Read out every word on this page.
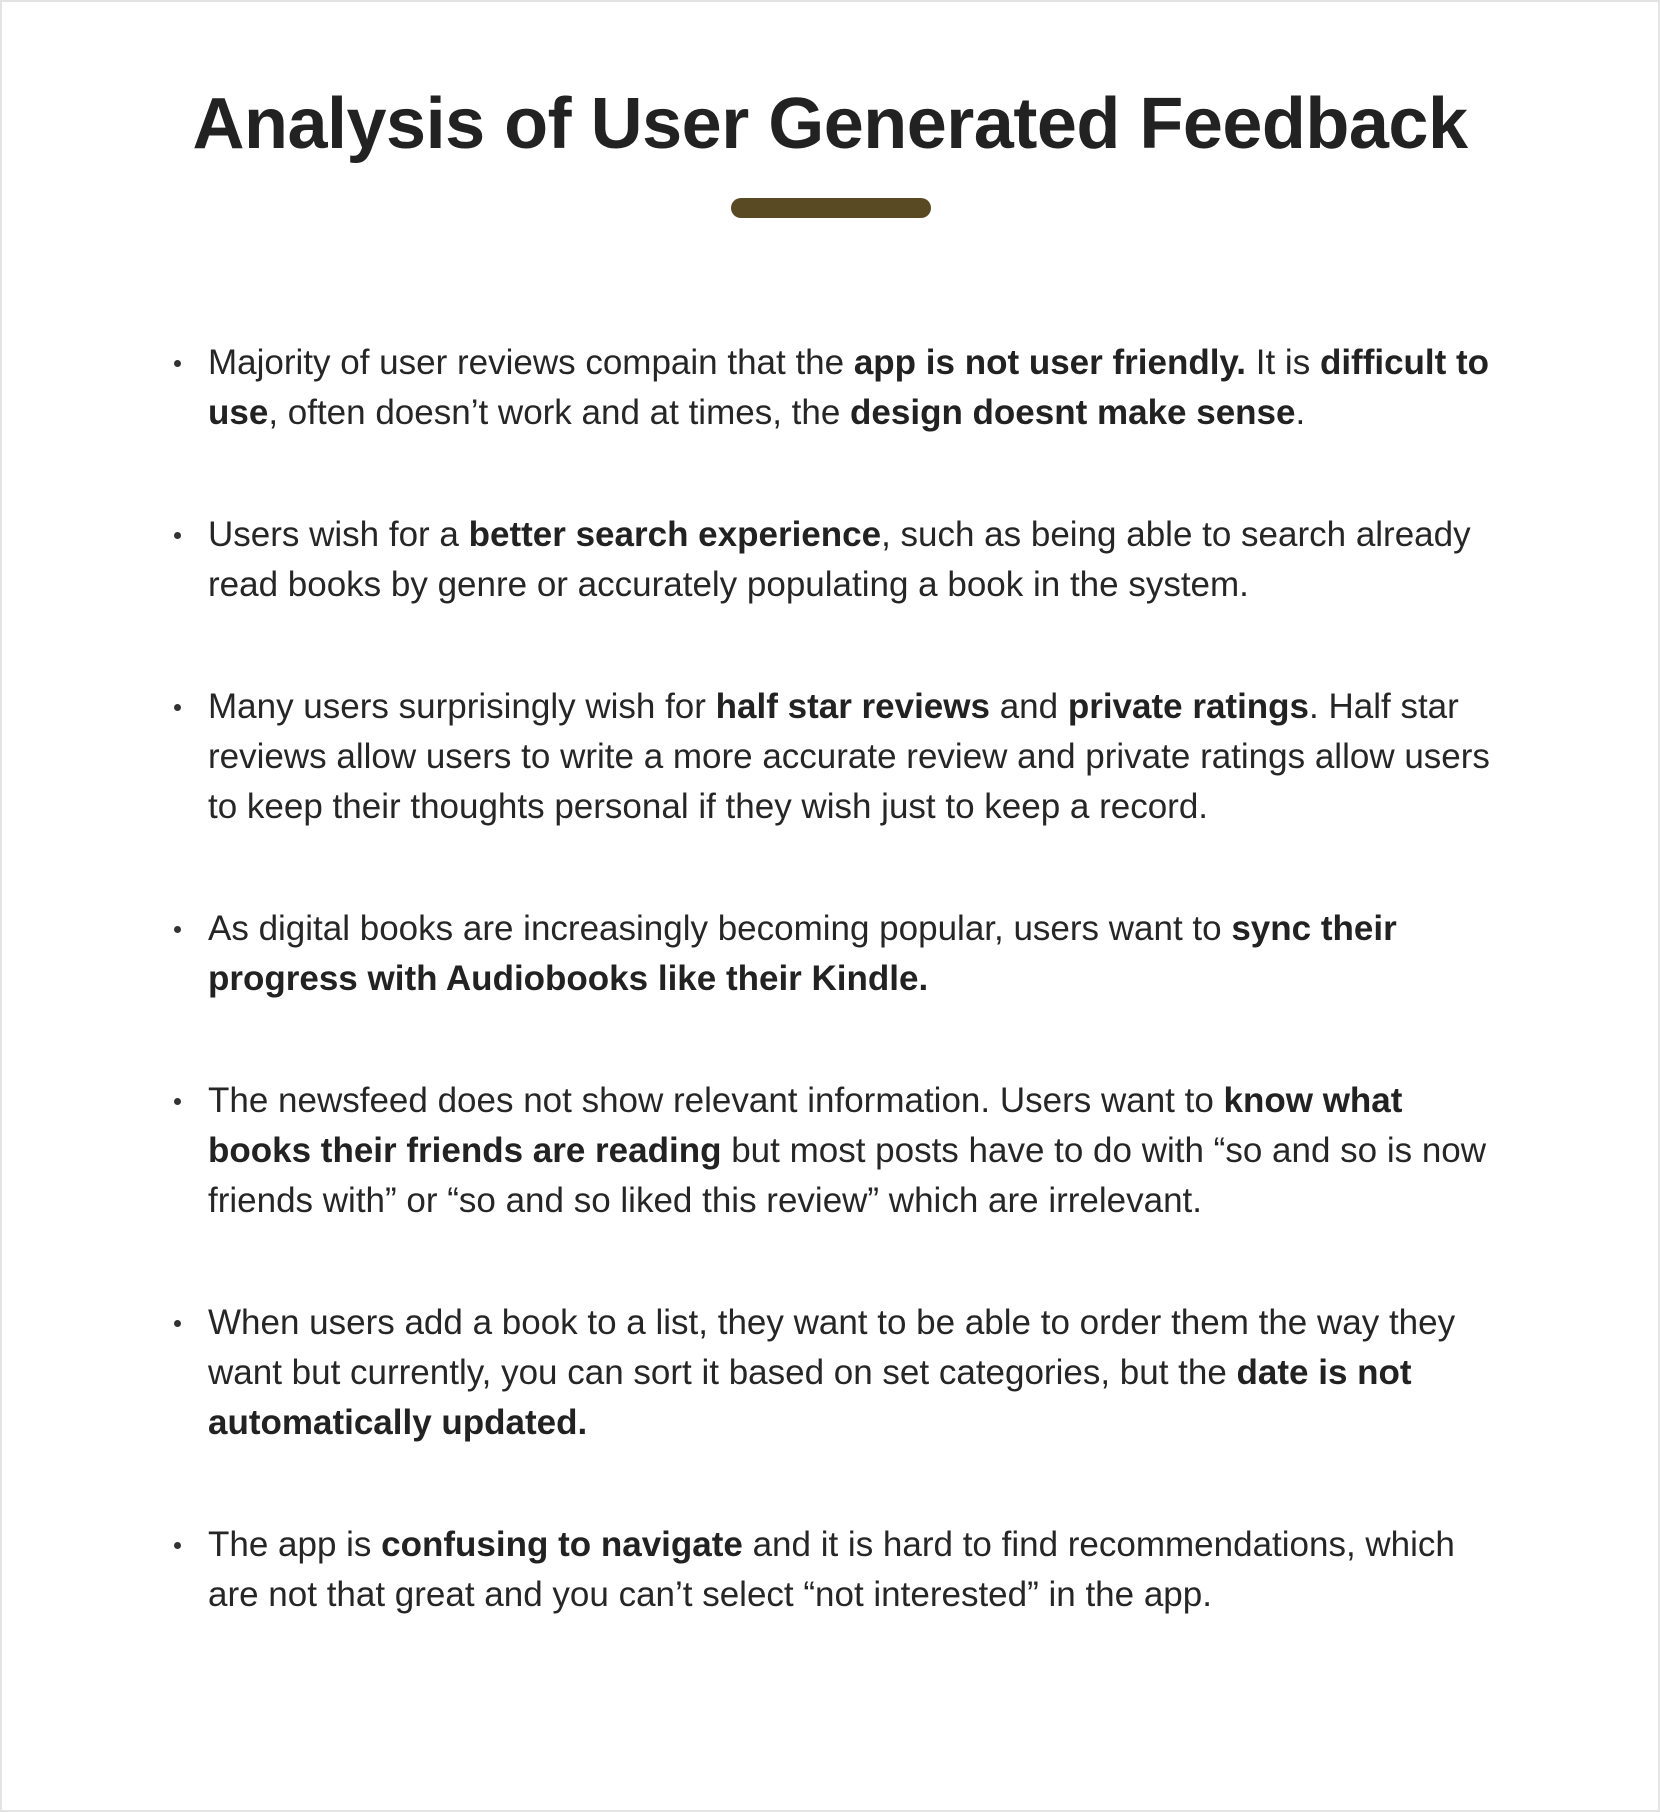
Analysis of User Generated Feedback
Majority of user reviews compain that the app is not user friendly. It is difficult to use, often doesn’t work and at times, the design doesnt make sense.
Users wish for a better search experience, such as being able to search already read books by genre or accurately populating a book in the system.
Many users surprisingly wish for half star reviews and private ratings. Half star reviews allow users to write a more accurate review and private ratings allow users to keep their thoughts personal if they wish just to keep a record.
As digital books are increasingly becoming popular, users want to sync their progress with Audiobooks like their Kindle.
The newsfeed does not show relevant information. Users want to know what books their friends are reading but most posts have to do with “so and so is now friends with” or “so and so liked this review” which are irrelevant.
When users add a book to a list, they want to be able to order them the way they want but currently, you can sort it based on set categories, but the date is not automatically updated.
The app is confusing to navigate and it is hard to find recommendations, which are not that great and you can’t select “not interested” in the app.
